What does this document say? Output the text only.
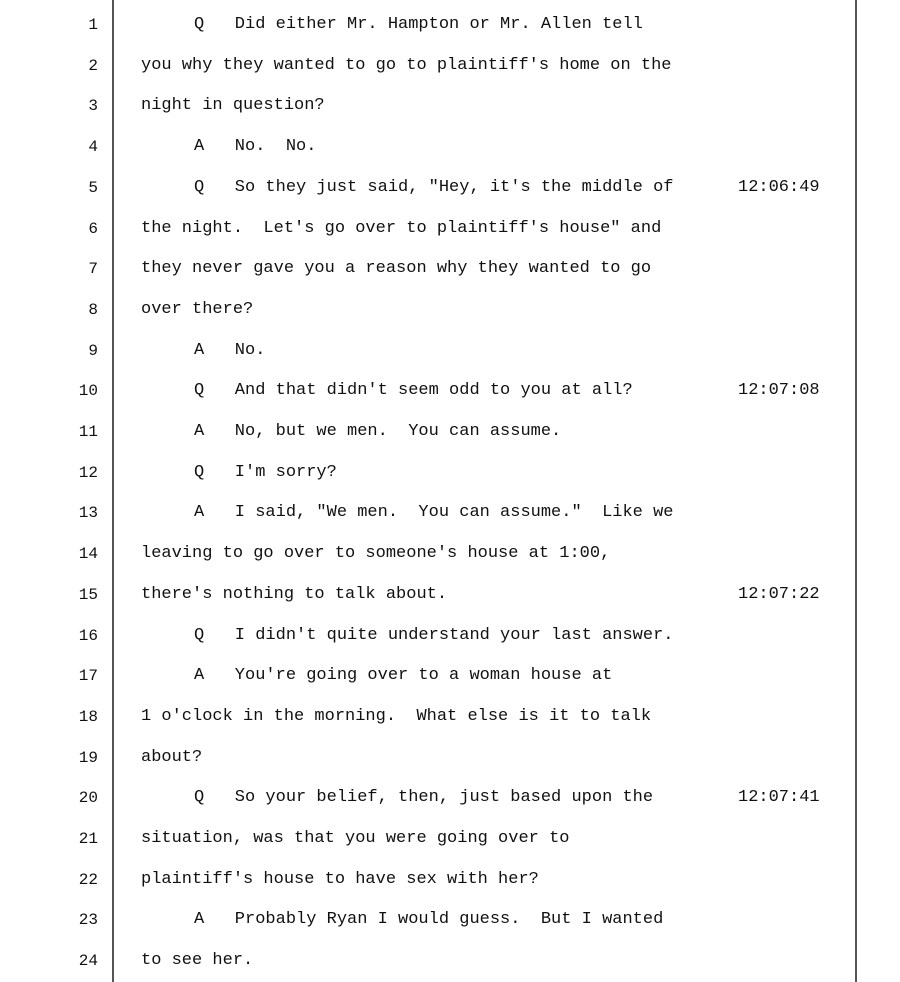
1	Q   Did either Mr. Hampton or Mr. Allen tell
2	you why they wanted to go to plaintiff's home on the
3	night in question?
4	A   No.  No.
5	Q   So they just said, "Hey, it's the middle of	12:06:49
6	the night.  Let's go over to plaintiff's house" and
7	they never gave you a reason why they wanted to go
8	over there?
9	A   No.
10	Q   And that didn't seem odd to you at all?	12:07:08
11	A   No, but we men.  You can assume.
12	Q   I'm sorry?
13	A   I said, "We men.  You can assume."  Like we
14	leaving to go over to someone's house at 1:00,
15	there's nothing to talk about.	12:07:22
16	Q   I didn't quite understand your last answer.
17	A   You're going over to a woman house at
18	1 o'clock in the morning.  What else is it to talk
19	about?
20	Q   So your belief, then, just based upon the	12:07:41
21	situation, was that you were going over to
22	plaintiff's house to have sex with her?
23	A   Probably Ryan I would guess.  But I wanted
24	to see her.
